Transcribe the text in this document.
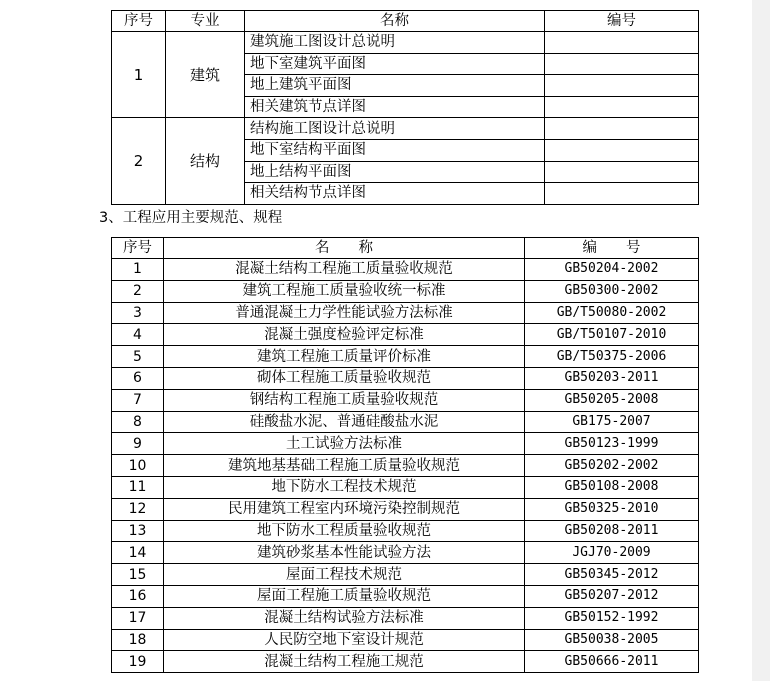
序号	专业	名称	编号
1	建筑	建筑施工图设计总说明	
		地下室建筑平面图	
		地上建筑平面图	
		相关建筑节点详图	
2	结构	结构施工图设计总说明	
		地下室结构平面图	
		地上结构平面图	
		相关结构节点详图	
3、工程应用主要规范、规程
序号	名　　称	编　　号
1	混凝土结构工程施工质量验收规范	GB50204-2002
2	建筑工程施工质量验收统一标准	GB50300-2002
3	普通混凝土力学性能试验方法标准	GB/T50080-2002
4	混凝土强度检验评定标准	GB/T50107-2010
5	建筑工程施工质量评价标准	GB/T50375-2006
6	砌体工程施工质量验收规范	GB50203-2011
7	钢结构工程施工质量验收规范	GB50205-2008
8	硅酸盐水泥、普通硅酸盐水泥	GB175-2007
9	土工试验方法标准	GB50123-1999
10	建筑地基基础工程施工质量验收规范	GB50202-2002
11	地下防水工程技术规范	GB50108-2008
12	民用建筑工程室内环境污染控制规范	GB50325-2010
13	地下防水工程质量验收规范	GB50208-2011
14	建筑砂浆基本性能试验方法	JGJ70-2009
15	屋面工程技术规范	GB50345-2012
16	屋面工程施工质量验收规范	GB50207-2012
17	混凝土结构试验方法标准	GB50152-1992
18	人民防空地下室设计规范	GB50038-2005
19	混凝土结构工程施工规范	GB50666-2011
